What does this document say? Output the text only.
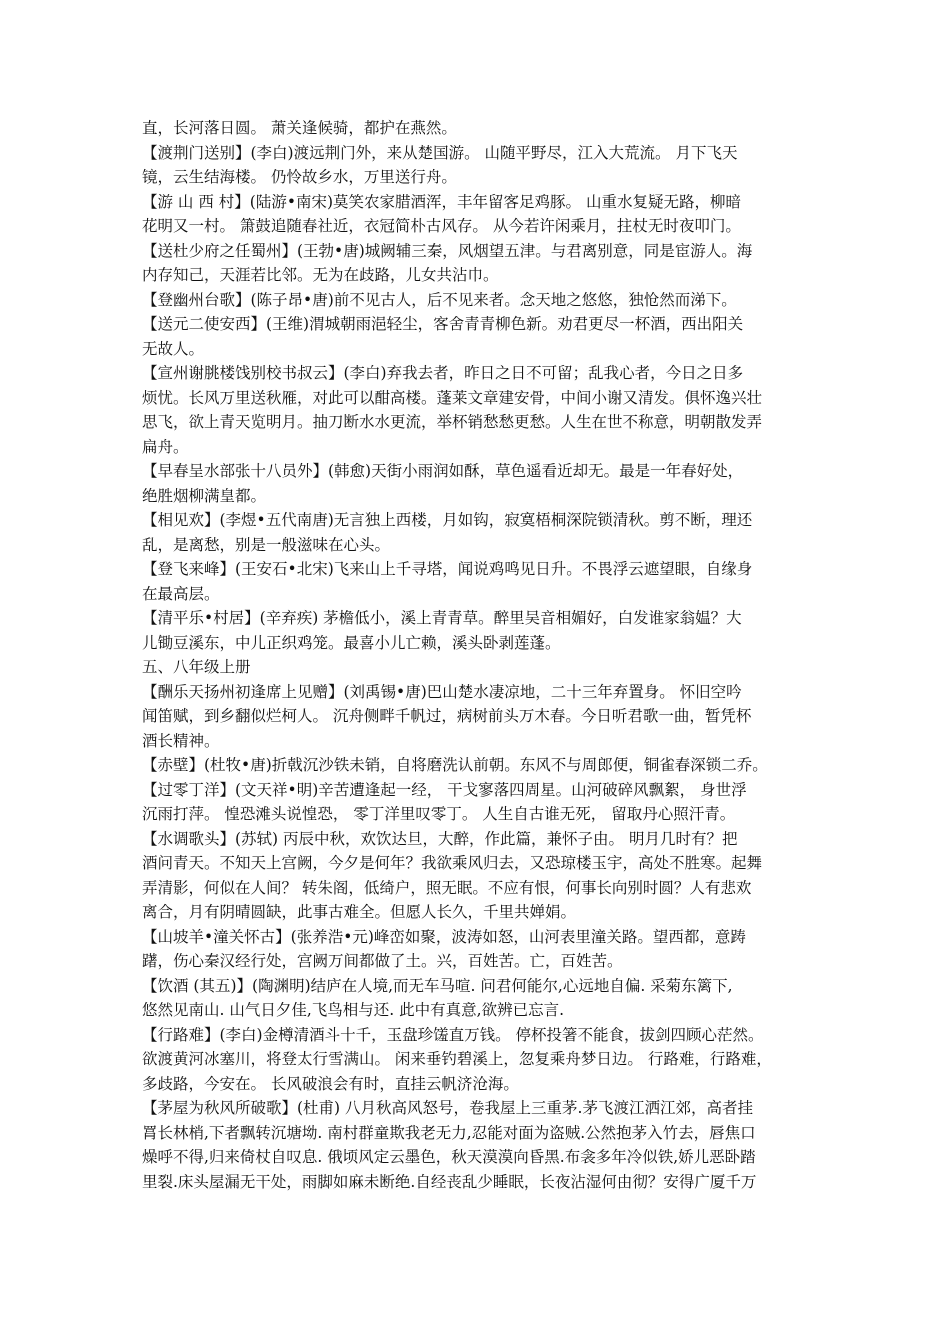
直，长河落日圆。 萧关逢候骑，都护在燕然。
【渡荆门送别】(李白)渡远荆门外，来从楚国游。 山随平野尽，江入大荒流。 月下飞天
镜，云生结海楼。 仍怜故乡水，万里送行舟。
【游 山 西 村】(陆游•南宋)莫笑农家腊酒浑，丰年留客足鸡豚。 山重水复疑无路，柳暗
花明又一村。 箫鼓追随春社近，衣冠简朴古风存。 从今若许闲乘月，拄杖无时夜叩门。
【送杜少府之任蜀州】(王勃•唐)城阙辅三秦，风烟望五津。与君离别意，同是宦游人。海
内存知己，天涯若比邻。无为在歧路，儿女共沾巾。
【登幽州台歌】(陈子昂•唐)前不见古人，后不见来者。念天地之悠悠，独怆然而涕下。
【送元二使安西】(王维)渭城朝雨浥轻尘，客舍青青柳色新。劝君更尽一杯酒，西出阳关
无故人。
【宣州谢朓楼饯别校书叔云】(李白)弃我去者，昨日之日不可留；乱我心者，今日之日多
烦忧。长风万里送秋雁，对此可以酣高楼。蓬莱文章建安骨，中间小谢又清发。俱怀逸兴壮
思飞，欲上青天览明月。抽刀断水水更流，举杯销愁愁更愁。人生在世不称意，明朝散发弄
扁舟。
【早春呈水部张十八员外】(韩愈)天街小雨润如酥，草色遥看近却无。最是一年春好处，
绝胜烟柳满皇都。
【相见欢】(李煜•五代南唐)无言独上西楼，月如钩，寂寞梧桐深院锁清秋。剪不断，理还
乱，是离愁，别是一般滋味在心头。
【登飞来峰】(王安石•北宋)飞来山上千寻塔，闻说鸡鸣见日升。不畏浮云遮望眼，自缘身
在最高层。
【清平乐•村居】(辛弃疾) 茅檐低小，溪上青青草。醉里吴音相媚好，白发谁家翁媪？大
儿锄豆溪东，中儿正织鸡笼。最喜小儿亡赖，溪头卧剥莲蓬。
五、八年级上册
【酬乐天扬州初逢席上见赠】(刘禹锡•唐)巴山楚水凄凉地，二十三年弃置身。 怀旧空吟
闻笛赋，到乡翻似烂柯人。 沉舟侧畔千帆过，病树前头万木春。今日听君歌一曲，暂凭杯
酒长精神。
【赤壁】(杜牧•唐)折戟沉沙铁未销，自将磨洗认前朝。东风不与周郎便，铜雀春深锁二乔。
【过零丁洋】(文天祥•明)辛苦遭逢起一经， 干戈寥落四周星。山河破碎风飘絮， 身世浮
沉雨打萍。 惶恐滩头说惶恐， 零丁洋里叹零丁。 人生自古谁无死， 留取丹心照汗青。
【水调歌头】(苏轼) 丙辰中秋，欢饮达旦，大醉，作此篇，兼怀子由。 明月几时有？把
酒问青天。不知天上宫阙，今夕是何年？我欲乘风归去，又恐琼楼玉宇，高处不胜寒。起舞
弄清影，何似在人间？ 转朱阁，低绮户，照无眠。不应有恨，何事长向别时圆？人有悲欢
离合，月有阴晴圆缺，此事古难全。但愿人长久，千里共婵娟。
【山坡羊•潼关怀古】(张养浩•元)峰峦如聚，波涛如怒，山河表里潼关路。望西都，意踌
躇，伤心秦汉经行处，宫阙万间都做了土。兴，百姓苦。亡，百姓苦。
【饮酒 (其五)】(陶渊明)结庐在人境,而无车马喧. 问君何能尔,心远地自偏. 采菊东篱下,
悠然见南山. 山气日夕佳,飞鸟相与还. 此中有真意,欲辨已忘言.
【行路难】(李白)金樽清酒斗十千，玉盘珍馐直万钱。 停杯投箸不能食，拔剑四顾心茫然。
欲渡黄河冰塞川，将登太行雪满山。 闲来垂钓碧溪上，忽复乘舟梦日边。 行路难，行路难，
多歧路，今安在。 长风破浪会有时，直挂云帆济沧海。
【茅屋为秋风所破歌】(杜甫) 八月秋高风怒号，卷我屋上三重茅.茅飞渡江洒江郊，高者挂
罥长林梢,下者飘转沉塘坳. 南村群童欺我老无力,忍能对面为盗贼.公然抱茅入竹去，唇焦口
燥呼不得,归来倚杖自叹息. 俄顷风定云墨色，秋天漠漠向昏黑.布衾多年冷似铁,娇儿恶卧踏
里裂.床头屋漏无干处，雨脚如麻未断绝.自经丧乱少睡眠，长夜沾湿何由彻？安得广厦千万
